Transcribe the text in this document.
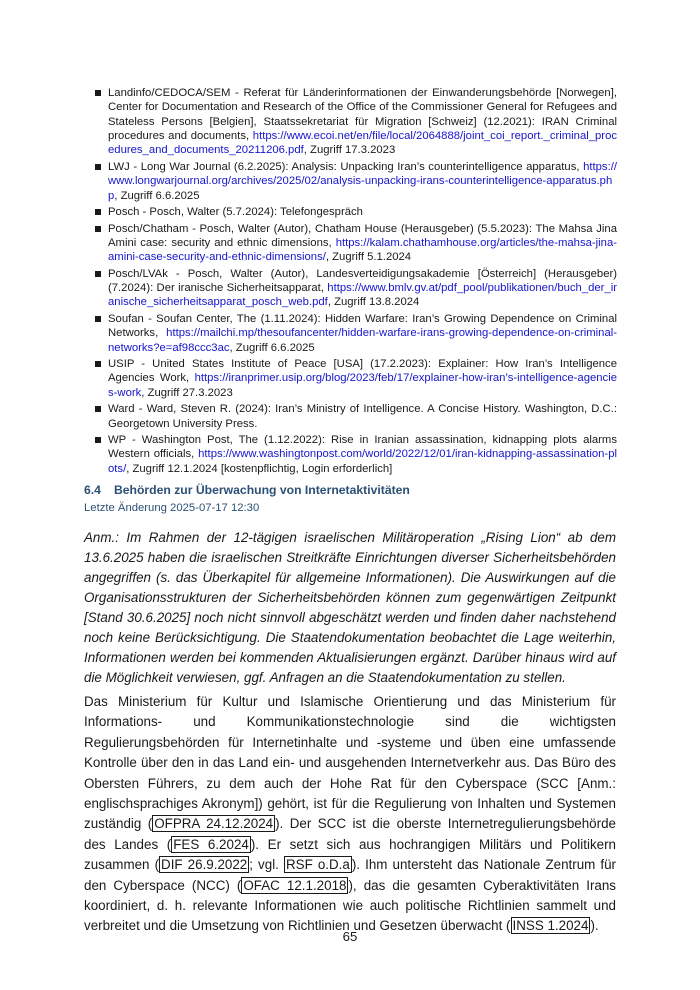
Landinfo/CEDOCA/SEM - Referat für Länderinformationen der Einwanderungsbehörde [Norwegen], Center for Documentation and Research of the Office of the Commissioner General for Refugees and Stateless Persons [Belgien], Staatssekretariat für Migration [Schweiz] (12.2021): IRAN Criminal procedures and documents, https://www.ecoi.net/en/file/local/2064888/joint_coi_report._criminal_procedures_and_documents_20211206.pdf, Zugriff 17.3.2023
LWJ - Long War Journal (6.2.2025): Analysis: Unpacking Iran’s counterintelligence apparatus, https://www.longwarjournal.org/archives/2025/02/analysis-unpacking-irans-counterintelligence-apparatus.php, Zugriff 6.6.2025
Posch - Posch, Walter (5.7.2024): Telefongespräch
Posch/Chatham - Posch, Walter (Autor), Chatham House (Herausgeber) (5.5.2023): The Mahsa Jina Amini case: security and ethnic dimensions, https://kalam.chathamhouse.org/articles/the-mahsa-jina-amini-case-security-and-ethnic-dimensions/, Zugriff 5.1.2024
Posch/LVAk - Posch, Walter (Autor), Landesverteidigungsakademie [Österreich] (Herausgeber) (7.2024): Der iranische Sicherheitsapparat, https://www.bmlv.gv.at/pdf_pool/publikationen/buch_der_iranische_sicherheitsapparat_posch_web.pdf, Zugriff 13.8.2024
Soufan - Soufan Center, The (1.11.2024): Hidden Warfare: Iran’s Growing Dependence on Criminal Networks, https://mailchi.mp/thesoufancenter/hidden-warfare-irans-growing-dependence-on-criminal-networks?e=af98ccc3ac, Zugriff 6.6.2025
USIP - United States Institute of Peace [USA] (17.2.2023): Explainer: How Iran’s Intelligence Agencies Work, https://iranprimer.usip.org/blog/2023/feb/17/explainer-how-iran’s-intelligence-agencies-work, Zugriff 27.3.2023
Ward - Ward, Steven R. (2024): Iran’s Ministry of Intelligence. A Concise History. Washington, D.C.: Georgetown University Press.
WP - Washington Post, The (1.12.2022): Rise in Iranian assassination, kidnapping plots alarms Western officials, https://www.washingtonpost.com/world/2022/12/01/iran-kidnapping-assassination-plots/, Zugriff 12.1.2024 [kostenpflichtig, Login erforderlich]
6.4 Behörden zur Überwachung von Internetaktivitäten
Letzte Änderung 2025-07-17 12:30

Anm.: Im Rahmen der 12-tägigen israelischen Militäroperation „Rising Lion“ ab dem 13.6.2025 haben die israelischen Streitkräfte Einrichtungen diverser Sicherheitsbehörden angegriffen (s. das Überkapitel für allgemeine Informationen). Die Auswirkungen auf die Organisationsstrukturen der Sicherheitsbehörden können zum gegenwärtigen Zeitpunkt [Stand 30.6.2025] noch nicht sinnvoll abgeschätzt werden und finden daher nachstehend noch keine Berücksichtigung. Die Staatendokumentation beobachtet die Lage weiterhin, Informationen werden bei kommenden Aktualisierungen ergänzt. Darüber hinaus wird auf die Möglichkeit verwiesen, ggf. Anfragen an die Staatendokumentation zu stellen.

Das Ministerium für Kultur und Islamische Orientierung und das Ministerium für Informations- und Kommunikationstechnologie sind die wichtigsten Regulierungsbehörden für Internetinhalte und -systeme und üben eine umfassende Kontrolle über den in das Land ein- und ausgehenden Internetverkehr aus. Das Büro des Obersten Führers, zu dem auch der Hohe Rat für den Cyberspace (SCC [Anm.: englischsprachiges Akronym]) gehört, ist für die Regulierung von Inhalten und Systemen zuständig ( OFPRA 24.12.2024 ). Der SCC ist die oberste Internetregulierungsbehörde des Landes ( FES 6.2024 ). Er setzt sich aus hochrangigen Militärs und Politikern zusammen ( DIF 26.9.2022 ; vgl. RSF o.D.a ). Ihm untersteht das Nationale Zentrum für den Cyberspace (NCC) ( OFAC 12.1.2018 ), das die gesamten Cyberaktivitäten Irans koordiniert, d. h. relevante Informationen wie auch politische Richtlinien sammelt und verbreitet und die Umsetzung von Richtlinien und Gesetzen überwacht ( INSS 1.2024 ).

65
